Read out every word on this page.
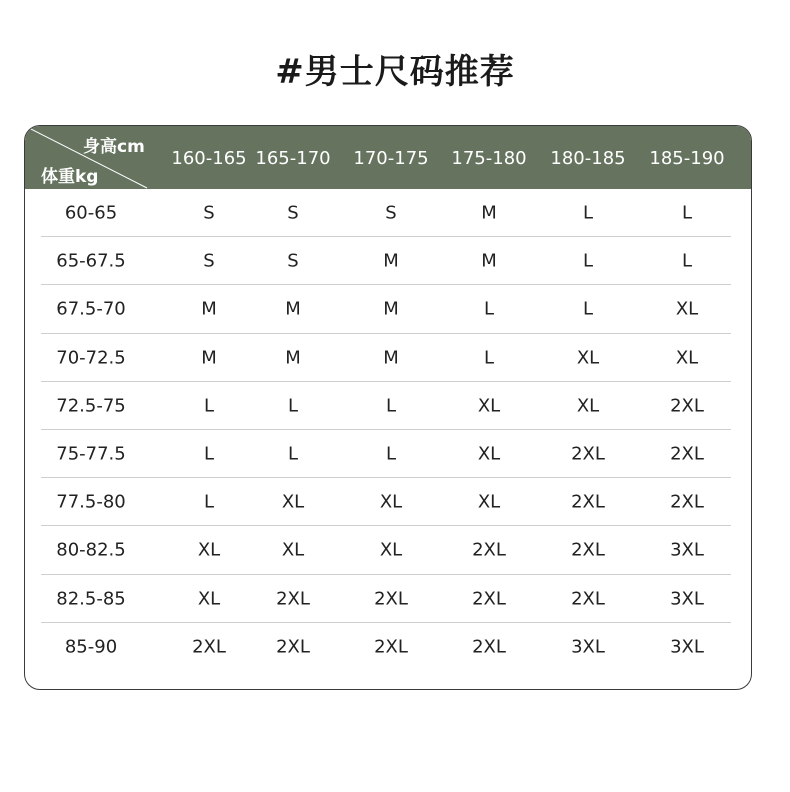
#男士尺码推荐
身高cm
体重kg
160-165 165-170	170-175	175-180	180-185	185-190
60-65	S	S	S	M	L	L
65-67.5	S	S	M	M	L	L
67.5-70	M	M	M	L	L	XL
70-72.5	M	M	M	L	XL	XL
72.5-75	L	L	L	XL	XL	2XL
75-77.5	L	L	L	XL	2XL	2XL
77.5-80	L	XL	XL	XL	2XL	2XL
80-82.5	XL	XL	XL	2XL	2XL	3XL
82.5-85	XL	2XL	2XL	2XL	2XL	3XL
85-90	2XL	2XL	2XL	2XL	3XL	3XL
